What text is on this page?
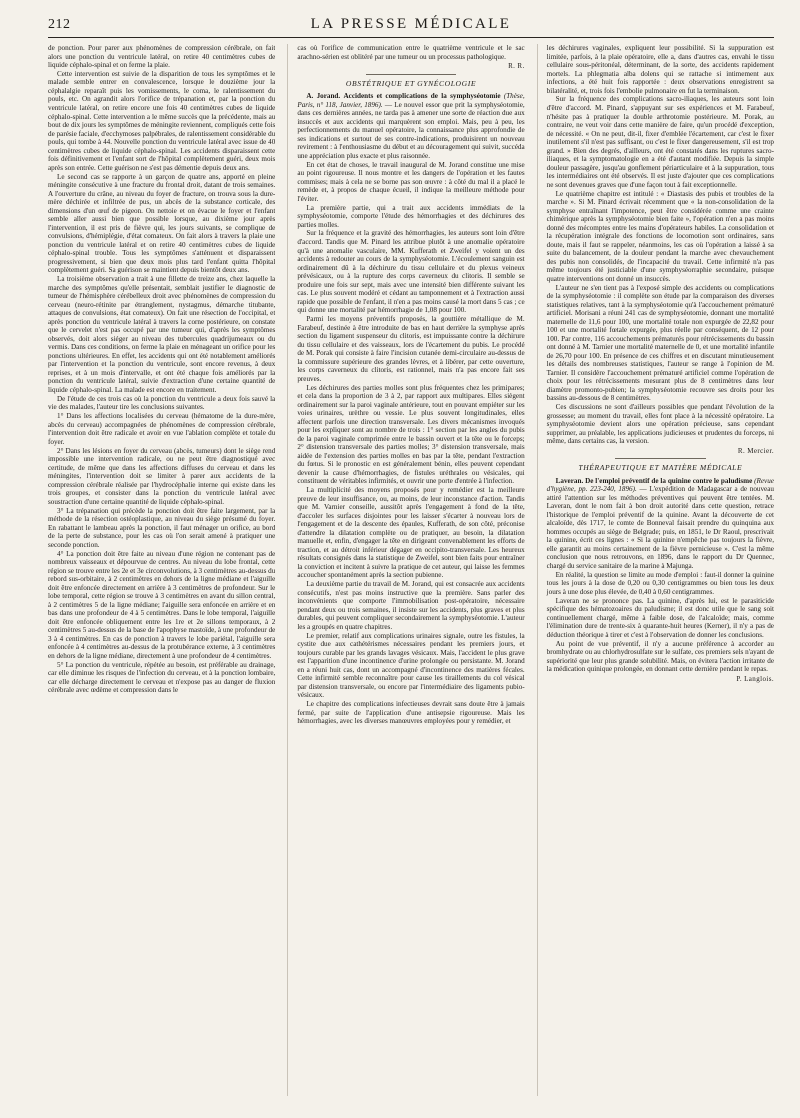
212	LA PRESSE MÉDICALE

de ponction. Pour parer aux phénomènes de compression cérébrale, on fait alors une ponction du ventricule latéral, on retire 40 centimètres cubes de liquide céphalo-spinal et on ferme la plaie.

Cette intervention est suivie de la disparition de tous les symptômes et le malade semble entrer en convalescence, lorsque le douzième jour la céphalalgie reparaît puis les vomissements, le coma, le ralentissement du pouls, etc. On agrandit alors l'orifice de trépanation et, par la ponction du ventricule latéral, on retire encore une fois 40 centimètres cubes de liquide céphalo-spinal. Cette intervention a le même succès que la précédente, mais au bout de dix jours les symptômes de méningite reviennent, compliqués cette fois de parésie faciale, d'ecchymoses palpébrales, de ralentissement considérable du pouls, qui tombe à 44. Nouvelle ponction du ventricule latéral avec issue de 40 centimètres cubes de liquide céphalo-spinal. Les accidents disparaissent cette fois définitivement et l'enfant sort de l'hôpital complètement guéri, deux mois après son entrée. Cette guérison ne s'est pas démentie depuis deux ans.

Le second cas se rapporte à un garçon de quatre ans, apporté en pleine méningite consécutive à une fracture du frontal droit, datant de trois semaines. A l'ouverture du crâne, au niveau du foyer de fracture, on trouva sous la dure-mère déchirée et infiltrée de pus, un abcès de la substance corticale, des dimensions d'un œuf de pigeon. On nettoie et on évacue le foyer et l'enfant semble aller aussi bien que possible lorsque, au dixième jour après l'intervention, il est pris de fièvre qui, les jours suivants, se complique de convulsions, d'hémiplégie, d'état comateux. On fait alors à travers la plaie une ponction du ventricule latéral et on retire 40 centimètres cubes de liquide céphalo-spinal trouble. Tous les symptômes s'atténuent et disparaissent progressivement, si bien que deux mois plus tard l'enfant quitta l'hôpital complètement guéri. Sa guérison se maintient depuis bientôt deux ans.

La troisième observation a trait à une fillette de treize ans, chez laquelle la marche des symptômes qu'elle présentait, semblait justifier le diagnostic de tumeur de l'hémisphère cérébelleux droit avec phénomènes de compression du cerveau (neuro-rétinite par étranglement, nystagmus, démarche titubante, attaques de convulsions, état comateux). On fait une résection de l'occipital, et après ponction du ventricule latéral à travers la corne postérieure, on constate que le cervelet n'est pas occupé par une tumeur qui, d'après les symptômes observés, doit alors siéger au niveau des tubercules quadrijumeaux ou du vermis. Dans ces conditions, on ferme la plaie en ménageant un orifice pour les ponctions ultérieures. En effet, les accidents qui ont été notablement améliorés par l'intervention et la ponction du ventricule, sont encore revenus, à deux reprises, et à un mois d'intervalle, et ont été chaque fois améliorés par la ponction du ventricule latéral, suivie d'extraction d'une certaine quantité de liquide céphalo-spinal. La malade est encore en traitement.

De l'étude de ces trois cas où la ponction du ventricule a deux fois sauvé la vie des malades, l'auteur tire les conclusions suivantes.

1° Dans les affections localisées du cerveau (hématome de la dure-mère, abcès du cerveau) accompagnées de phénomènes de compression cérébrale, l'intervention doit être radicale et avoir en vue l'ablation complète et totale du foyer.

2° Dans les lésions en foyer du cerveau (abcès, tumeurs) dont le siège rend impossible une intervention radicale, ou ne peut être diagnostiqué avec certitude, de même que dans les affections diffuses du cerveau et dans les méningites, l'intervention doit se limiter à parer aux accidents de la compression cérébrale réalisée par l'hydrocéphalie interne qui existe dans les trois groupes, et consister dans la ponction du ventricule latéral avec soustraction d'une certaine quantité de liquide céphalo-spinal.

3° La trépanation qui précède la ponction doit être faite largement, par la méthode de la résection ostéoplastique, au niveau du siège présumé du foyer. En rabattant le lambeau après la ponction, il faut ménager un orifice, au bord de la perte de substance, pour les cas où l'on serait amené à pratiquer une seconde ponction.

4° La ponction doit être faite au niveau d'une région ne contenant pas de nombreux vaisseaux et dépourvue de centres. Au niveau du lobe frontal, cette région se trouve entre les 2e et 3e circonvolutions, à 3 centimètres au-dessus du rebord sus-orbitaire, à 2 centimètres en dehors de la ligne médiane et l'aiguille doit être enfoncée directement en arrière à 3 centimètres de profondeur. Sur le lobe temporal, cette région se trouve à 3 centimètres en avant du sillon central, à 2 centimètres 5 de la ligne médiane; l'aiguille sera enfoncée en arrière et en bas dans une profondeur de 4 à 5 centimètres. Dans le lobe temporal, l'aiguille doit être enfoncée obliquement entre les 1re et 2e sillons temporaux, à 2 centimètres 5 au-dessus de la base de l'apophyse mastoïde, à une profondeur de 3 à 4 centimètres. En cas de ponction à travers le lobe pariétal, l'aiguille sera enfoncée à 4 centimètres au-dessus de la protubérance externe, à 3 centimètres en dehors de la ligne médiane, directement à une profondeur de 4 centimètres.

5° La ponction du ventricule, répétée au besoin, est préférable au drainage, car elle diminue les risques de l'infection du cerveau, et à la ponction lombaire, car elle décharge directement le cerveau et n'expose pas au danger de fluxion cérébrale avec œdème et compression dans le

cas où l'orifice de communication entre le quatrième ventricule et le sac arachno-sérien est oblitéré par une tumeur ou un processus pathologique.

R. R.
OBSTÉTRIQUE ET GYNÉCOLOGIE

A. Jorand. Accidents et complications de la symphyséotomie (Thèse, Paris, n° 118, Janvier, 1896). — Le nouvel essor que prit la symphyséotomie, dans ces dernières années, ne tarda pas à amener une sorte de réaction due aux insuccès et aux accidents qui marquèrent son emploi. Mais, peu à peu, les perfectionnements du manuel opératoire, la connaissance plus approfondie de ses indications et surtout de ses contre-indications, produisirent un nouveau revirement : à l'enthousiasme du début et au découragement qui suivit, succéda une appréciation plus exacte et plus raisonnée.

En cet état de choses, le travail inaugural de M. Jorand constitue une mise au point rigoureuse. Il nous montre et les dangers de l'opération et les fautes commises; mais à cela ne se borne pas son œuvre : à côté du mal il a placé le remède et, à propos de chaque écueil, il indique la meilleure méthode pour l'éviter.

La première partie, qui a trait aux accidents immédiats de la symphyséotomie, comporte l'étude des hémorrhagies et des déchirures des parties molles.

Sur la fréquence et la gravité des hémorrhagies, les auteurs sont loin d'être d'accord. Tandis que M. Pinard les attribue plutôt à une anomalie opératoire qu'à une anomalie vasculaire, MM. Kufferath et Zweifel y voient un des accidents à redouter au cours de la symphyséotomie. L'écoulement sanguin est ordinairement dû à la déchirure du tissu cellulaire et du plexus veineux prévésicaux, ou à la rupture des corps caverneux du clitoris. Il semble se produire une fois sur sept, mais avec une intensité bien différente suivant les cas. Le plus souvent modéré et cédant au tamponnement et à l'extraction aussi rapide que possible de l'enfant, il n'en a pas moins causé la mort dans 5 cas ; ce qui donne une mortalité par hémorrhagie de 1,08 pour 100.

Parmi les moyens préventifs proposés, la gouttière métallique de M. Farabeuf, destinée à être introduite de bas en haut derrière la symphyse après section du ligament suspenseur du clitoris, est impuissante contre la déchirure du tissu cellulaire et des vaisseaux, lors de l'écartement du pubis. Le procédé de M. Porak qui consiste à faire l'incision cutanée demi-circulaire au-dessus de la commissure supérieure des grandes lèvres, et à libérer, par cette ouverture, les corps caverneux du clitoris, est rationnel, mais n'a pas encore fait ses preuves.

Les déchirures des parties molles sont plus fréquentes chez les primipares; et cela dans la proportion de 3 à 2, par rapport aux multipares. Elles siègent ordinairement sur la paroi vaginale antérieure, tout en pouvant empiéter sur les voies urinaires, urèthre ou vessie. Le plus souvent longitudinales, elles affectent parfois une direction transversale. Les divers mécanismes invoqués pour les expliquer sont au nombre de trois : 1° section par les angles du pubis de la paroi vaginale comprimée entre le bassin ouvert et la tête ou le forceps; 2° distension transversale des parties molles; 3° distension transversale, mais aidée de l'extension des parties molles en bas par la tête, pendant l'extraction du fœtus. Si le pronostic en est généralement bénin, elles peuvent cependant devenir la cause d'hémorrhagies, de fistules uréthrales ou vésicales, qui constituent de véritables infirmités, et ouvrir une porte d'entrée à l'infection.

La multiplicité des moyens proposés pour y remédier est la meilleure preuve de leur insuffisance, ou, au moins, de leur inconstance d'action. Tandis que M. Varnier conseille, aussitôt après l'engagement à fond de la tête, d'accoler les surfaces disjointes pour les laisser s'écarter à nouveau lors de l'engagement et de la descente des épaules, Kufferath, de son côté, préconise d'attendre la dilatation complète ou de pratiquer, au besoin, la dilatation manuelle et, enfin, d'engager la tête en dirigeant convenablement les efforts de traction, et au détroit inférieur dégager en occipito-transversale. Les heureux résultats consignés dans la statistique de Zweifel, sont bien faits pour entraîner la conviction et incitent à suivre la pratique de cet auteur, qui laisse les femmes accoucher spontanément après la section pubienne.

La deuxième partie du travail de M. Jorand, qui est consacrée aux accidents consécutifs, n'est pas moins instructive que la première. Sans parler des inconvénients que comporte l'immobilisation post-opératoire, nécessaire pendant deux ou trois semaines, il insiste sur les accidents, plus graves et plus durables, qui peuvent compliquer secondairement la symphyséotomie. L'auteur les a groupés en quatre chapitres.

Le premier, relatif aux complications urinaires signale, outre les fistules, la cystite due aux cathétérismes nécessaires pendant les premiers jours, et toujours curable par les grands lavages vésicaux. Mais, l'accident le plus grave est l'apparition d'une incontinence d'urine prolongée ou persistante. M. Jorand en a réuni huit cas, dont un accompagné d'incontinence des matières fécales. Cette infirmité semble reconnaître pour cause les tiraillements du col vésical par distension transversale, ou encore par l'intermédiaire des ligaments pubio-vésicaux.

Le chapitre des complications infectieuses devrait sans doute être à jamais fermé, par suite de l'application d'une antisepsie rigoureuse. Mais les hémorrhagies, avec les diverses manœuvres employées pour y remédier, et

les déchirures vaginales, expliquent leur possibilité. Si la suppuration est limitée, parfois, à la plaie opératoire, elle a, dans d'autres cas, envahi le tissu cellulaire sous-péritonéal, déterminant, de la sorte, des accidents rapidement mortels. La phlegmatia alba dolens qui se rattache si intimement aux infections, a été huit fois rapportée : deux observations enregistrent sa bilatéralité, et, trois fois l'embolie pulmonaire en fut la terminaison.

Sur la fréquence des complications sacro-iliaques, les auteurs sont loin d'être d'accord. M. Pinard, s'appuyant sur ses expériences et M. Farabeuf, n'hésite pas à pratiquer la double arthrotomie postérieure. M. Porak, au contraire, ne veut voir dans cette manière de faire, qu'un procédé d'exception, de nécessité. « On ne peut, dit-il, fixer d'emblée l'écartement, car c'est le fixer inutilement s'il n'est pas suffisant, ou c'est le fixer dangereusement, s'il est trop grand. » Bien des degrés, d'ailleurs, ont été constatés dans les ruptures sacro-iliaques, et la symptomatologie en a été d'autant modifiée. Depuis la simple douleur passagère, jusqu'au gonflement périarticulaire et à la suppuration, tous les intermédiaires ont été observés. Il est juste d'ajouter que ces complications ne sont devenues graves que d'une façon tout à fait exceptionnelle.

Le quatrième chapitre est intitulé : « Diastasis des pubis et troubles de la marche ». Si M. Pinard écrivait récemment que « la non-consolidation de la symphyse entraînant l'impotence, peut être considérée comme une crainte chimérique après la symphyséotomie bien faite », l'opération n'en a pas moins donné des mécomptes entre les mains d'opérateurs habiles. La consolidation et la récupération intégrale des fonctions de locomotion sont ordinaires, sans doute, mais il faut se rappeler, néanmoins, les cas où l'opération a laissé à sa suite du balancement, de la douleur pendant la marche avec chevauchement des pubis non consolidés, de l'incapacité du travail. Cette infirmité n'a pas même toujours été justiciable d'une symphyséorraphie secondaire, puisque quatre interventions ont donné un insuccès.

L'auteur ne s'en tient pas à l'exposé simple des accidents ou complications de la symphyséotomie : il complète son étude par la comparaison des diverses statistiques relatives, tant à la symphyséotomie qu'à l'accouchement prématuré artificiel. Morisani a réuni 241 cas de symphyséotomie, donnant une mortalité maternelle de 11,6 pour 100, une mortalité totale non expurgée de 22,82 pour 100 et une mortalité fœtale expurgée, plus réelle par conséquent, de 12 pour 100. Par contre, 116 accouchements prématurés pour rétrécissements du bassin ont donné à M. Tarnier une mortalité maternelle de 0, et une mortalité infantile de 26,70 pour 100. En présence de ces chiffres et en discutant minutieusement les détails des nombreuses statistiques, l'auteur se range à l'opinion de M. Tarnier. Il considère l'accouchement prématuré artificiel comme l'opération de choix pour les rétrécissements mesurant plus de 8 centimètres dans leur diamètre promonto-pubien; la symphyséotomie recouvre ses droits pour les bassins au-dessous de 8 centimètres.

Ces discussions ne sont d'ailleurs possibles que pendant l'évolution de la grossesse; au moment du travail, elles font place à la nécessité opératoire. La symphyséotomie devient alors une opération précieuse, sans cependant supprimer, au préalable, les applications judicieuses et prudentes du forceps, ni même, dans certains cas, la version.

R. Mercier.
THÉRAPEUTIQUE ET MATIÈRE MÉDICALE

Laveran. De l'emploi préventif de la quinine contre le paludisme (Revue d'hygiène, pp. 223-240, 1896). — L'expédition de Madagascar a de nouveau attiré l'attention sur les méthodes préventives qui peuvent être tentées. M. Laveran, dont le nom fait à bon droit autorité dans cette question, retrace l'historique de l'emploi préventif de la quinine. Avant la découverte de cet alcaloïde, dès 1717, le comte de Bonneval faisait prendre du quinquina aux hommes occupés au siège de Belgrade; puis, en 1851, le Dr Raoul, prescrivait la quinine, écrit ces lignes : « Si la quinine n'empêche pas toujours la fièvre, elle garantit au moins certainement de la fièvre pernicieuse ». C'est la même conclusion que nous retrouvons, en 1896, dans le rapport du Dr Quennec, chargé du service sanitaire de la marine à Majunga.

En réalité, la question se limite au mode d'emploi : faut-il donner la quinine tous les jours à la dose de 0,20 ou 0,30 centigrammes ou bien tous les deux jours à une dose plus élevée, de 0,40 à 0,60 centigrammes.

Laveran ne se prononce pas. La quinine, d'après lui, est le parasiticide spécifique des hématozoaires du paludisme; il est donc utile que le sang soit continuellement chargé, même à faible dose, de l'alcaloïde; mais, comme l'élimination dure de trente-six à quarante-huit heures (Kerner), il n'y a pas de déduction théorique à tirer et c'est à l'observation de donner les conclusions.

Au point de vue préventif, il n'y a aucune préférence à accorder au bromhydrate ou au chlorhydrosulfate sur le sulfate, ces premiers sels n'ayant de supériorité que leur plus grande solubilité. Mais, on évitera l'action irritante de la médication quinique prolongée, en donnant cette dernière pendant le repas.

P. Langlois.
